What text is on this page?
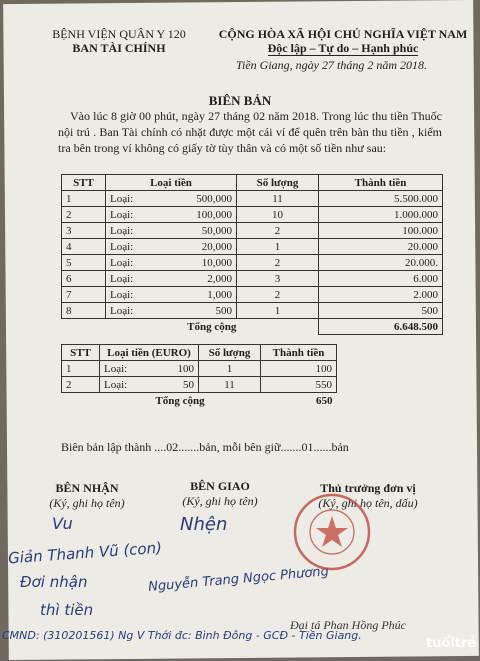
BỆNH VIỆN QUÂN Y 120
BAN TÀI CHÍNH
CỘNG HÒA XÃ HỘI CHỦ NGHĨA VIỆT NAM
Độc lập – Tự do – Hạnh phúc
Tiền Giang, ngày 27 tháng 2 năm 2018.
BIÊN BẢN
Vào lúc 8 giờ 00 phút, ngày 27 tháng 02 năm 2018. Trong lúc thu tiền Thuốc nội trú . Ban Tài chính có nhặt được một cái ví để quên trên bàn thu tiền , kiểm tra bên trong ví không có giấy tờ tùy thân và có một số tiền như sau:
STT	Loại tiền		Số lượng	Thành tiền
1	Loại:	500,000	11	5.500.000
2	Loại:	100,000	10	1.000.000
3	Loại:	50,000	2	100.000
4	Loại:	20,000	1	20.000
5	Loại:	10,000	2	20.000.
6	Loại:	2,000	3	6.000
7	Loại:	1,000	2	2.000
8	Loại:	500	1	500
	Tổng cộng			6.648.500
STT	Loại tiền (EURO)		Số lượng	Thành tiền
1	Loại:	100	1	100
2	Loại:	50	11	550
	Tổng cộng			650
Biên bản lập thành ....02.......bản, mỗi bên giữ.......01......bản
BÊN NHẬN
(Ký, ghi họ tên)
BÊN GIAO
(Ký, ghi họ tên)
Thủ trưởng đơn vị
(Ký, ghi họ tên, dấu)
Vu
Giản Thanh Vũ (con)
Đơi nhận
thì tiền
Nhện
Nguyễn Trang Ngọc Phương
CMND: (310201561) Ng V Thới đc: Bình Đông - GCĐ - Tiền Giang.
Đại tá Phan Hồng Phúc
tuổitrẻ
